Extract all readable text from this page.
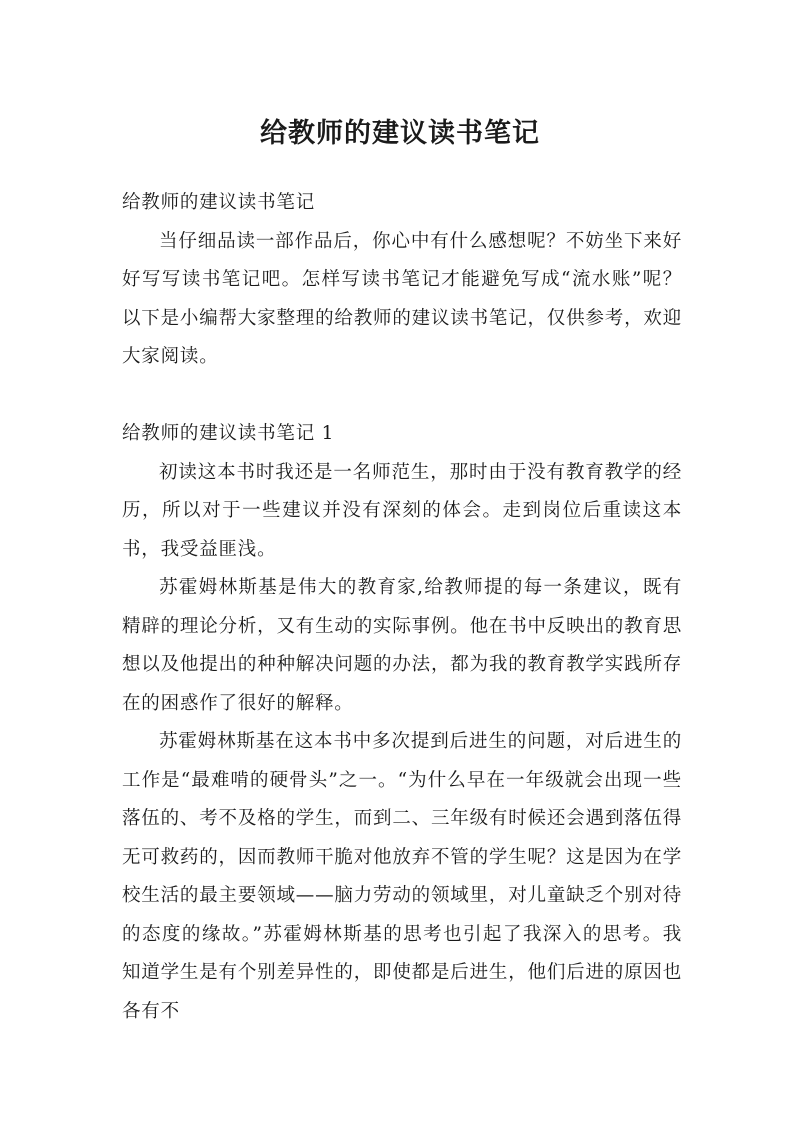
给教师的建议读书笔记

给教师的建议读书笔记

当仔细品读一部作品后，你心中有什么感想呢？不妨坐下来好好写写读书笔记吧。怎样写读书笔记才能避免写成“流水账”呢？以下是小编帮大家整理的给教师的建议读书笔记，仅供参考，欢迎大家阅读。

给教师的建议读书笔记 1

初读这本书时我还是一名师范生，那时由于没有教育教学的经历，所以对于一些建议并没有深刻的体会。走到岗位后重读这本书，我受益匪浅。

苏霍姆林斯基是伟大的教育家,给教师提的每一条建议，既有精辟的理论分析，又有生动的实际事例。他在书中反映出的教育思想以及他提出的种种解决问题的办法，都为我的教育教学实践所存在的困惑作了很好的解释。

苏霍姆林斯基在这本书中多次提到后进生的问题，对后进生的工作是“最难啃的硬骨头”之一。“为什么早在一年级就会出现一些落伍的、考不及格的学生，而到二、三年级有时候还会遇到落伍得无可救药的，因而教师干脆对他放弃不管的学生呢？这是因为在学校生活的最主要领域——脑力劳动的领域里，对儿童缺乏个别对待的态度的缘故。”苏霍姆林斯基的思考也引起了我深入的思考。我知道学生是有个别差异性的，即使都是后进生，他们后进的原因也各有不
